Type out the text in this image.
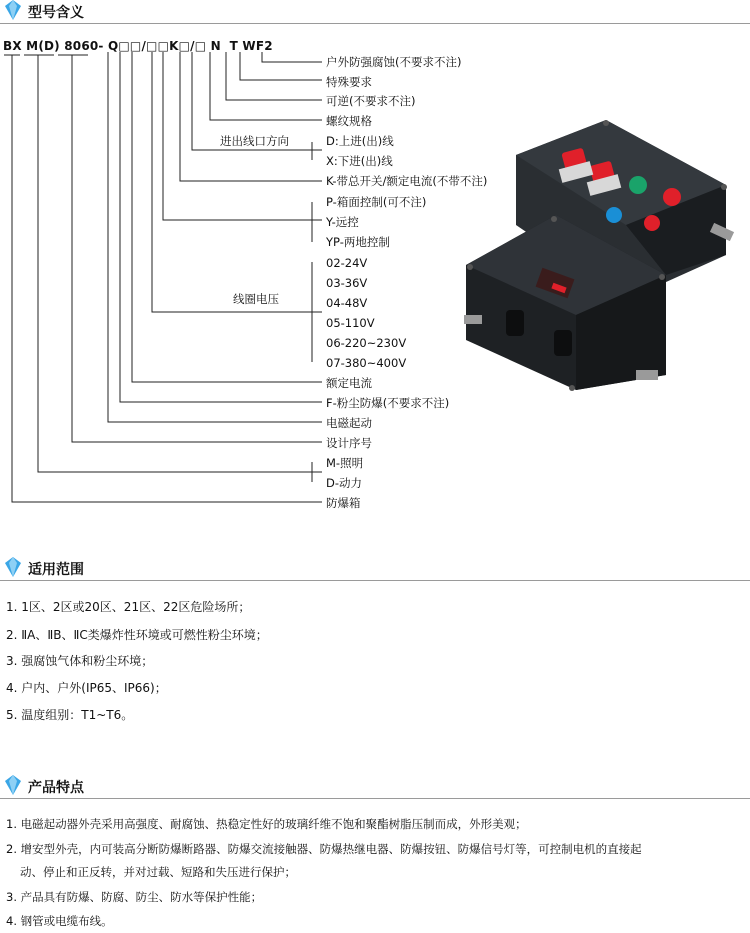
型号含义
BX M(D) 8060- Q□□/□□K□/□ N  T WF2
户外防强腐蚀(不要求不注)
特殊要求
可逆(不要求不注)
螺纹规格
进出线口方向	D:上进(出)线
X:下进(出)线
K-带总开关/额定电流(不带不注)
P-箱面控制(可不注)
Y-远控
YP-两地控制
线圈电压
02-24V
03-36V
04-48V
05-110V
06-220~230V
07-380~400V
额定电流
F-粉尘防爆(不要求不注)
电磁起动
设计序号
M-照明
D-动力
防爆箱
适用范围
1. 1区、2区或20区、21区、22区危险场所；
2. ⅡA、ⅡB、ⅡC类爆炸性环境或可燃性粉尘环境；
3. 强腐蚀气体和粉尘环境；
4. 户内、户外(IP65、IP66)；
5. 温度组别：T1~T6。
产品特点
1. 电磁起动器外壳采用高强度、耐腐蚀、热稳定性好的玻璃纤维不饱和聚酯树脂压制而成，外形美观；
2. 增安型外壳，内可装高分断防爆断路器、防爆交流接触器、防爆热继电器、防爆按钮、防爆信号灯等，可控制电机的直接起
动、停止和正反转，并对过载、短路和失压进行保护；
3. 产品具有防爆、防腐、防尘、防水等保护性能；
4. 钢管或电缆布线。
